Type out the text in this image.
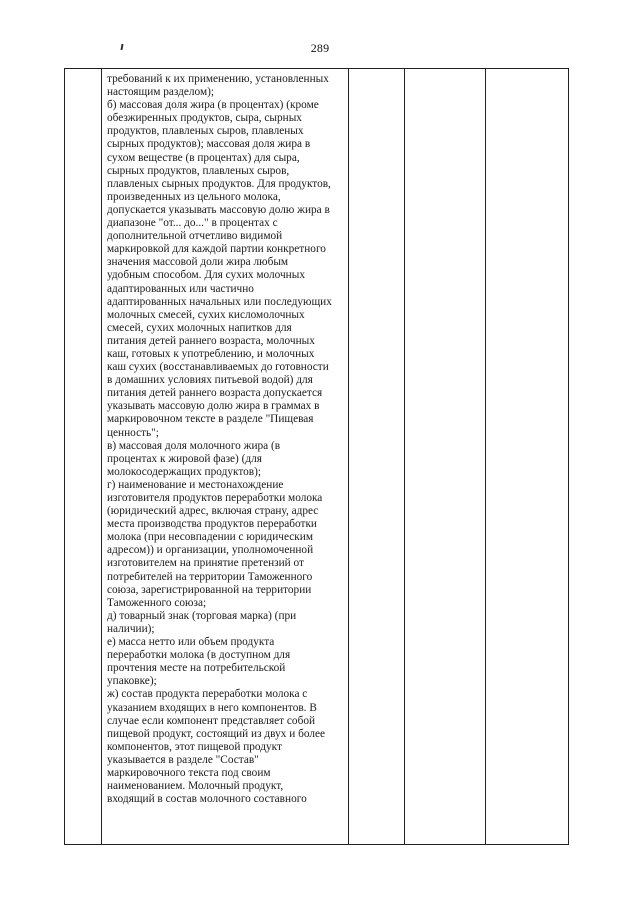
289

требований к их применению, установленных
настоящим разделом);
б) массовая доля жира (в процентах) (кроме
обезжиренных продуктов, сыра, сырных
продуктов, плавленых сыров, плавленых
сырных продуктов); массовая доля жира в
сухом веществе (в процентах) для сыра,
сырных продуктов, плавленых сыров,
плавленых сырных продуктов. Для продуктов,
произведенных из цельного молока,
допускается указывать массовую долю жира в
диапазоне "от... до..." в процентах с
дополнительной отчетливо видимой
маркировкой для каждой партии конкретного
значения массовой доли жира любым
удобным способом. Для сухих молочных
адаптированных или частично
адаптированных начальных или последующих
молочных смесей, сухих кисломолочных
смесей, сухих молочных напитков для
питания детей раннего возраста, молочных
каш, готовых к употреблению, и молочных
каш сухих (восстанавливаемых до готовности
в домашних условиях питьевой водой) для
питания детей раннего возраста допускается
указывать массовую долю жира в граммах в
маркировочном тексте в разделе "Пищевая
ценность";
в) массовая доля молочного жира (в
процентах к жировой фазе) (для
молокосодержащих продуктов);
г) наименование и местонахождение
изготовителя продуктов переработки молока
(юридический адрес, включая страну, адрес
места производства продуктов переработки
молока (при несовпадении с юридическим
адресом)) и организации, уполномоченной
изготовителем на принятие претензий от
потребителей на территории Таможенного
союза, зарегистрированной на территории
Таможенного союза;
д) товарный знак (торговая марка) (при
наличии);
е) масса нетто или объем продукта
переработки молока (в доступном для
прочтения месте на потребительской
упаковке);
ж) состав продукта переработки молока с
указанием входящих в него компонентов. В
случае если компонент представляет собой
пищевой продукт, состоящий из двух и более
компонентов, этот пищевой продукт
указывается в разделе "Состав"
маркировочного текста под своим
наименованием. Молочный продукт,
входящий в состав молочного составного
